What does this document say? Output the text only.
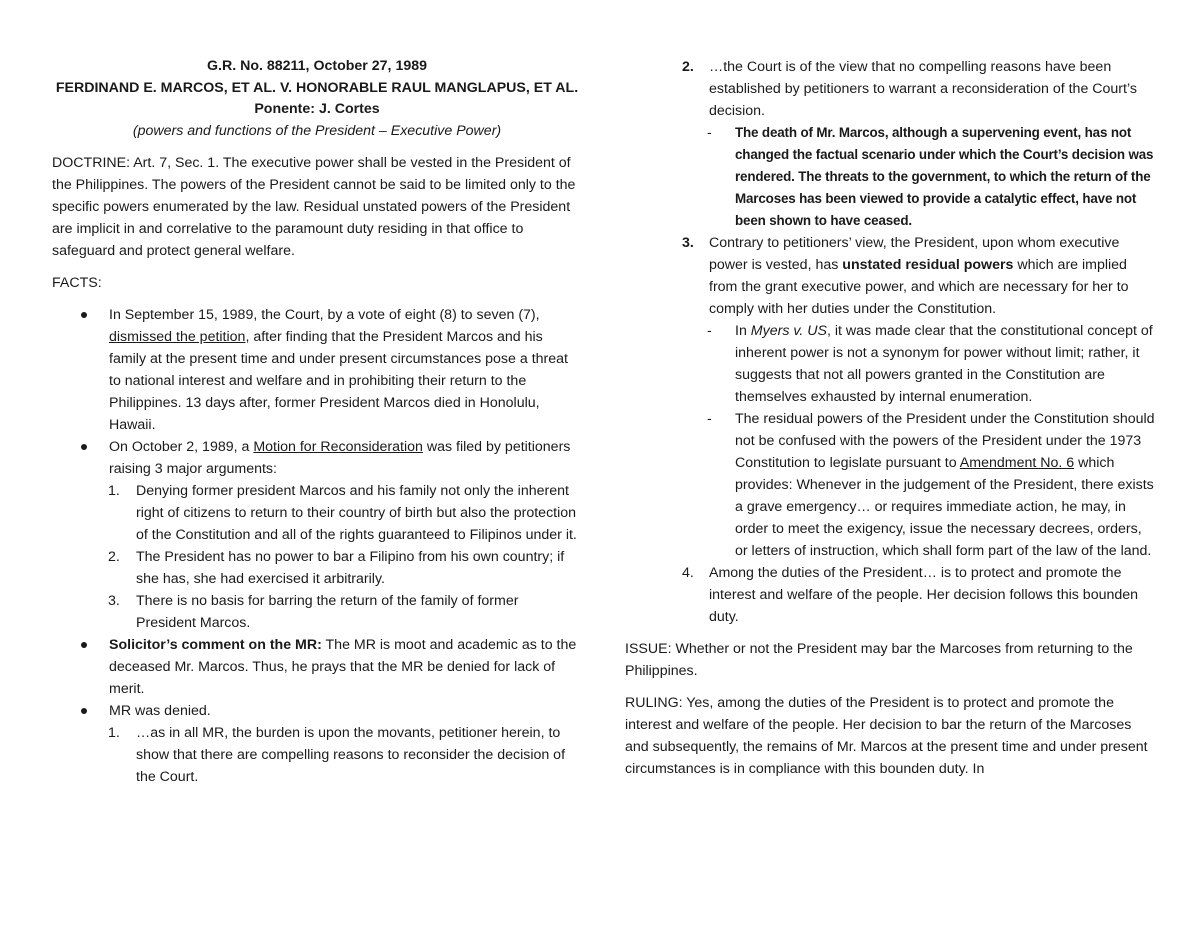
G.R. No. 88211, October 27, 1989
FERDINAND E. MARCOS, ET AL. V. HONORABLE RAUL MANGLAPUS, ET AL.
Ponente: J. Cortes
(powers and functions of the President – Executive Power)

DOCTRINE: Art. 7, Sec. 1. The executive power shall be vested in the President of the Philippines. The powers of the President cannot be said to be limited only to the specific powers enumerated by the law. Residual unstated powers of the President are implicit in and correlative to the paramount duty residing in that office to safeguard and protect general welfare.

FACTS:

In September 15, 1989, the Court, by a vote of eight (8) to seven (7), dismissed the petition, after finding that the President Marcos and his family at the present time and under present circumstances pose a threat to national interest and welfare and in prohibiting their return to the Philippines. 13 days after, former President Marcos died in Honolulu, Hawaii.
On October 2, 1989, a Motion for Reconsideration was filed by petitioners raising 3 major arguments:
1. Denying former president Marcos and his family not only the inherent right of citizens to return to their country of birth but also the protection of the Constitution and all of the rights guaranteed to Filipinos under it.
2. The President has no power to bar a Filipino from his own country; if she has, she had exercised it arbitrarily.
3. There is no basis for barring the return of the family of former President Marcos.
Solicitor’s comment on the MR: The MR is moot and academic as to the deceased Mr. Marcos. Thus, he prays that the MR be denied for lack of merit.
MR was denied.
1. …as in all MR, the burden is upon the movants, petitioner herein, to show that there are compelling reasons to reconsider the decision of the Court.
2. …the Court is of the view that no compelling reasons have been established by petitioners to warrant a reconsideration of the Court’s decision.
- The death of Mr. Marcos, although a supervening event, has not changed the factual scenario under which the Court’s decision was rendered. The threats to the government, to which the return of the Marcoses has been viewed to provide a catalytic effect, have not been shown to have ceased.
3. Contrary to petitioners’ view, the President, upon whom executive power is vested, has unstated residual powers which are implied from the grant executive power, and which are necessary for her to comply with her duties under the Constitution.
- In Myers v. US, it was made clear that the constitutional concept of inherent power is not a synonym for power without limit; rather, it suggests that not all powers granted in the Constitution are themselves exhausted by internal enumeration.
- The residual powers of the President under the Constitution should not be confused with the powers of the President under the 1973 Constitution to legislate pursuant to Amendment No. 6 which provides: Whenever in the judgement of the President, there exists a grave emergency… or requires immediate action, he may, in order to meet the exigency, issue the necessary decrees, orders, or letters of instruction, which shall form part of the law of the land.
4. Among the duties of the President… is to protect and promote the interest and welfare of the people. Her decision follows this bounden duty.

ISSUE: Whether or not the President may bar the Marcoses from returning to the Philippines.

RULING: Yes, among the duties of the President is to protect and promote the interest and welfare of the people. Her decision to bar the return of the Marcoses and subsequently, the remains of Mr. Marcos at the present time and under present circumstances is in compliance with this bounden duty. In
